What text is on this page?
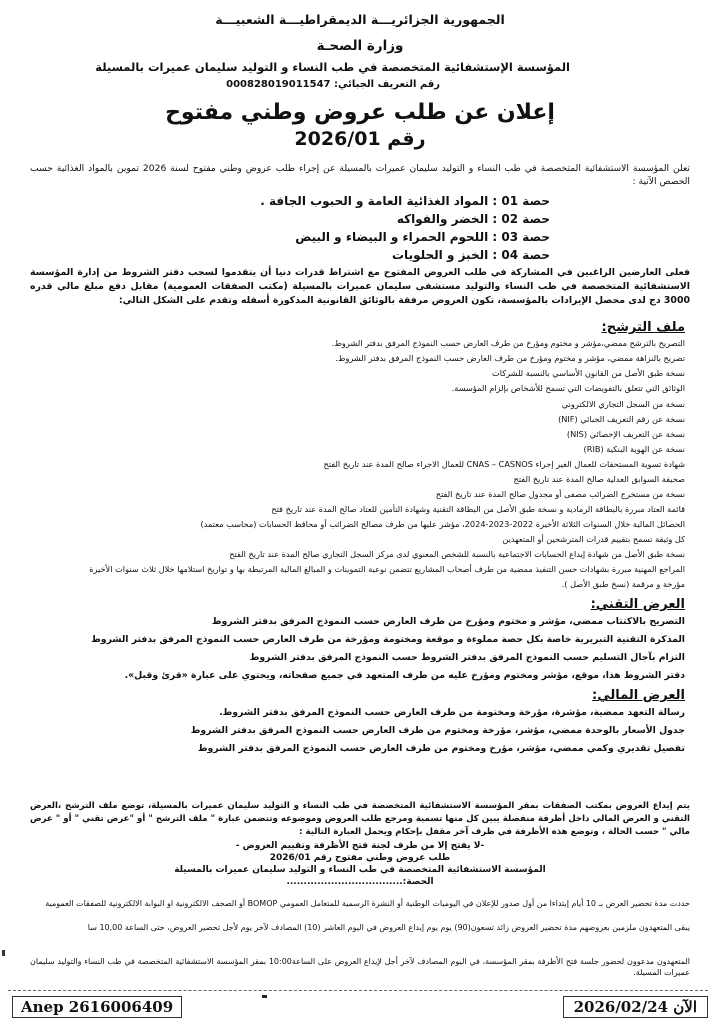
الجمهورية الجزائريـــة الديمقراطيـــة الشعبيـــة
وزارة الصحـة
المؤسسة الإستشفائية المتخصصة في طب النساء و التوليد سليمان عميرات بالمسيلة
رقم التعريف الجبائي: 000828019011547
إعلان عن طلب عروض وطني مفتوح
رقم 2026/01
تعلن المؤسسة الاستشفائية المتخصصة في طب النساء و التوليد سليمان عميرات بالمسيلة عن إجراء طلب عروض وطني مفتوح لسنة 2026 تموين بالمواد الغذائية حسب الحصص الآتية :
حصة 01 : المواد الغذائية العامة و الحبوب الجافة .
حصة 02 : الخضر والفواكه
حصة 03 : اللحوم الحمراء و البيضاء و البيض
حصة 04 : الخبز و الحلويات
فعلى العارضين الراغبين في المشاركة في طلب العروض المفتوح مع اشتراط قدرات دنيا أن يتقدموا لسحب دفتر الشروط من إدارة المؤسسة الاستشفائية المتخصصة في طب النساء والتوليد مستشفى سليمان عميرات بالمسيلة (مكتب الصفقات العمومية) مقابل دفع مبلغ مالي قدره 3000 دج لدى محصل الإيرادات بالمؤسسة، تكون العروض مرفقة بالوثائق القانونية المذكورة أسفله وتقدم على الشكل التالي:
ملف الترشح:
التصريح بالترشح ممضي،مؤشر و مختوم ومؤرخ من طرف العارض حسب النموذج المرفق بدفتر الشروط.
تصريح بالنزاهة ممضي، مؤشر و مختوم ومؤرخ من طرف العارض حسب النموذج المرفق بدفتر الشروط.
نسخة طبق الأصل من القانون الأساسي بالنسبة للشركات
الوثائق التي تتعلق بالتفويضات التي تسمح للأشخاص بإلزام المؤسسة.
نسخة من السجل التجاري الالكتروني
نسخة عن رقم التعريف الجبائي (NIF)
نسخة عن التعريف الإحصائي (NIS)
نسخة عن الهوية البنكية (RIB)
شهادة تسوية المستحقات للعمال الغير إجراء CNAS – CASNOS للعمال الاجراء صالح المدة عند تاريخ الفتح
صحيفة السوابق العدلية صالح المدة عند تاريخ الفتح
نسخة من مستخرج الضرائب مصفى أو مجدول صالح المدة عند تاريخ الفتح
قائمة العتاد مبررة بالبطاقة الرمادية و نسخة طبق الأصل من البطاقة التقنية وشهادة التأمين للعتاد صالح المدة عند تاريخ فتح
الحصائل المالية خلال السنوات الثلاثة الأخيرة 2022-2023-2024، مؤشر عليها من طرف مصالح الضرائب أو محافظ الحسابات (محاسب معتمد)
كل وثيقة تسمح بتقييم قدرات المترشحين أو المتعهدين
نسخة طبق الأصل من شهادة إيداع الحسابات الاجتماعية بالنسبة للشخص المعنوي لدى مركز السجل التجاري صالح المدة عند تاريخ الفتح
المراجع المهنية مبررة بشهادات حسن التنفيذ ممضية من طرف أصحاب المشاريع تتضمن نوعية التموينات و المبالغ المالية المرتبطة بها و تواريخ استلامها خلال ثلاث سنوات الأخيرة
مؤرخة و مرقمة (نسخ طبق الأصل ).
العرض التقني:
التصريح بالاكتتاب ممضي، مؤشر و مختوم ومؤرخ من طرف العارض حسب النموذج المرفق بدفتر الشروط
المذكرة التقنية التبريرية خاصة بكل حصة مملوءة و موقعة ومختومة ومؤرخة من طرف العارض حسب النموذج المرفق بدفتر الشروط
التزام بآجال التسليم حسب النموذج المرفق بدفتر الشروط حسب النموذج المرفق بدفتر الشروط
دفتر الشروط هذا، موقع، مؤشر ومختوم ومؤرخ عليه من طرف المتعهد في جميع صفحاته، ويحتوي على عبارة «قرئ وقبل».
العرض المالي:
رسالة التعهد ممضية، مؤشرة، مؤرخة ومختومة من طرف العارض حسب النموذج المرفق بدفتر الشروط.
جدول الأسعار بالوحدة ممضي، مؤشر، مؤرخة ومختوم من طرف العارض حسب النموذج المرفق بدفتر الشروط
تفصيل تقديري وكمي ممضي، مؤشر، مؤرخ ومختوم من طرف العارض حسب النموذج المرفق بدفتر الشروط
يتم إيداع العروض بمكتب الصفقات بمقر المؤسسة الاستشفائية المتخصصة في طب النساء و التوليد سليمان عميرات بالمسيلة، توضع ملف الترشح ،العرض التقني و العرض المالي داخل أظرفة منفصلة يبين كل منها تسمية ومرجع طلب العروض وموضوعه وتتضمن عبارة " ملف الترشح " أو "عرض تقني " أو " عرض مالي " حسب الحالة ، وتوضع هذه الأظرفة في ظرف آخر مقفل بإحكام ويحمل العبارة التالية :
-لا يفتح إلا من طرف لجنة فتح الأظرفة وتقييم العروض -
طلب عروض وطني مفتوح رقم 2026/01
المؤسسة الاستشفائية المتخصصة في طب النساء و التوليد سليمان عميرات بالمسيلة
الحصة:..................................
حددت مدة تحضير العرض بـ 10 أيام إبتداءا من أول صدور للإعلان في اليوميات الوطنية أو النشرة الرسمية للمتعامل العمومي BOMOP أو الصحف الالكترونية او البوابة الالكترونية للصفقات العمومية
يبقى المتعهدون ملزمين بعروضهم مدة تحضير العروض زائد تسعون(90) يوم يوم إيداع العروض في اليوم العاشر (10) المصادف لآخر يوم لأجل تحضير العروض، حتى الساعة 10,00 سا
المتعهدون مدعوون لحضور جلسة فتح الأظرفة بمقر المؤسسة، في اليوم المصادف لآخر أجل لإيداع العروض على الساعة10:00 بمقر المؤسسة الاستشفائية المتخصصة في طب النساء والتوليد سليمان عميرات المسيلة.
Anep 2616006409	الآن 2026/02/24
